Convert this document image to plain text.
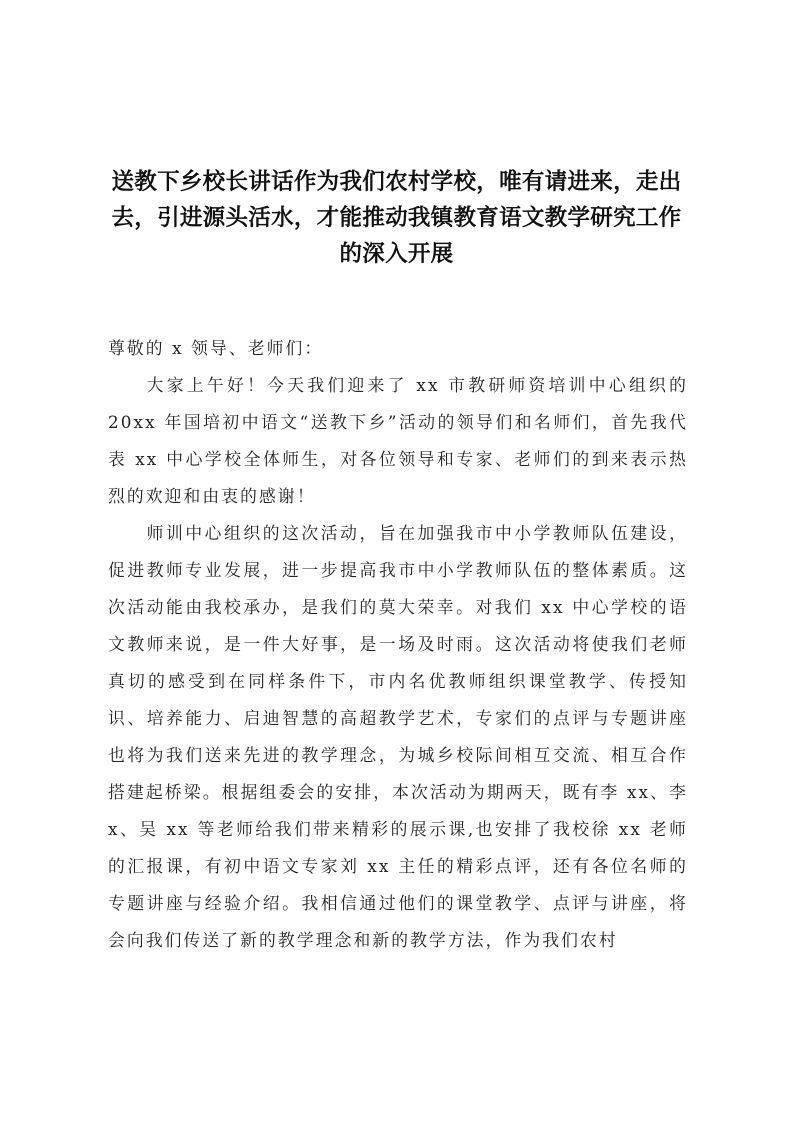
送教下乡校长讲话作为我们农村学校，唯有请进来，走出去，引进源头活水，才能推动我镇教育语文教学研究工作的深入开展

尊敬的 x 领导、老师们：

大家上午好！今天我们迎来了 xx 市教研师资培训中心组织的 20xx 年国培初中语文“送教下乡”活动的领导们和名师们，首先我代表 xx 中心学校全体师生，对各位领导和专家、老师们的到来表示热烈的欢迎和由衷的感谢！

师训中心组织的这次活动，旨在加强我市中小学教师队伍建设，促进教师专业发展，进一步提高我市中小学教师队伍的整体素质。这次活动能由我校承办，是我们的莫大荣幸。对我们 xx 中心学校的语文教师来说，是一件大好事，是一场及时雨。这次活动将使我们老师真切的感受到在同样条件下，市内名优教师组织课堂教学、传授知识、培养能力、启迪智慧的高超教学艺术，专家们的点评与专题讲座也将为我们送来先进的教学理念，为城乡校际间相互交流、相互合作搭建起桥梁。根据组委会的安排，本次活动为期两天，既有李 xx、李 x、吴 xx 等老师给我们带来精彩的展示课,也安排了我校徐 xx 老师的汇报课，有初中语文专家刘 xx 主任的精彩点评，还有各位名师的专题讲座与经验介绍。我相信通过他们的课堂教学、点评与讲座，将会向我们传送了新的教学理念和新的教学方法，作为我们农村
